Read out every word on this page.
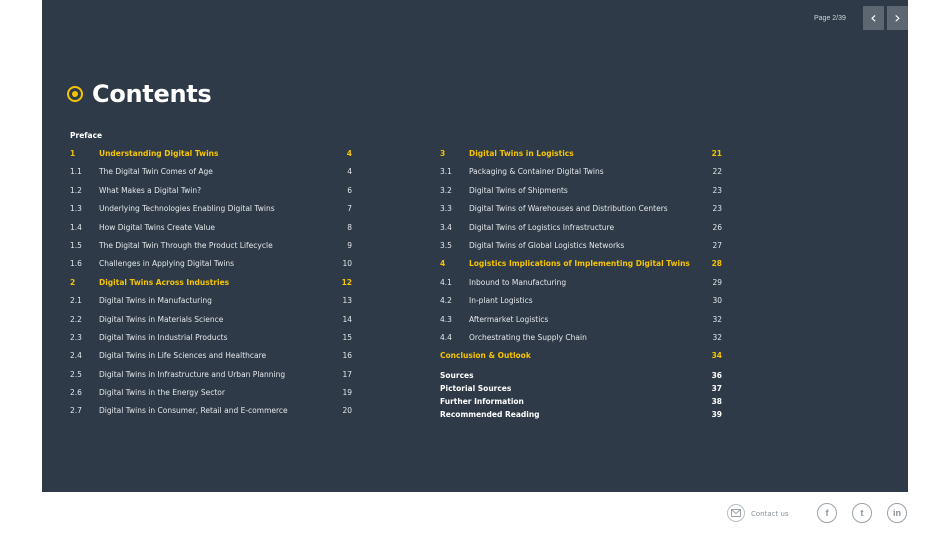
Page 2/39	‹	›
Contents
Preface
1	Understanding Digital Twins	4
1.1 The Digital Twin Comes of Age	4
1.2 What Makes a Digital Twin?	6
1.3 Underlying Technologies Enabling Digital Twins	7
1.4 How Digital Twins Create Value	8
1.5 The Digital Twin Through the Product Lifecycle	9
1.6 Challenges in Applying Digital Twins	10
2	Digital Twins Across Industries	12
2.1 Digital Twins in Manufacturing	13
2.2 Digital Twins in Materials Science	14
2.3 Digital Twins in Industrial Products	15
2.4 Digital Twins in Life Sciences and Healthcare	16
2.5 Digital Twins in Infrastructure and Urban Planning	17
2.6 Digital Twins in the Energy Sector	19
2.7 Digital Twins in Consumer, Retail and E-commerce	20
3	Digital Twins in Logistics	21
3.1 Packaging & Container Digital Twins	22
3.2 Digital Twins of Shipments	23
3.3 Digital Twins of Warehouses and Distribution Centers	23
3.4 Digital Twins of Logistics Infrastructure	26
3.5 Digital Twins of Global Logistics Networks	27
4	Logistics Implications of Implementing Digital Twins	28
4.1 Inbound to Manufacturing	29
4.2 In-plant Logistics	30
4.3 Aftermarket Logistics	32
4.4 Orchestrating the Supply Chain	32
Conclusion & Outlook	34
Sources	36
Pictorial Sources	37
Further Information	38
Recommended Reading	39
Contact us	f	t	in
